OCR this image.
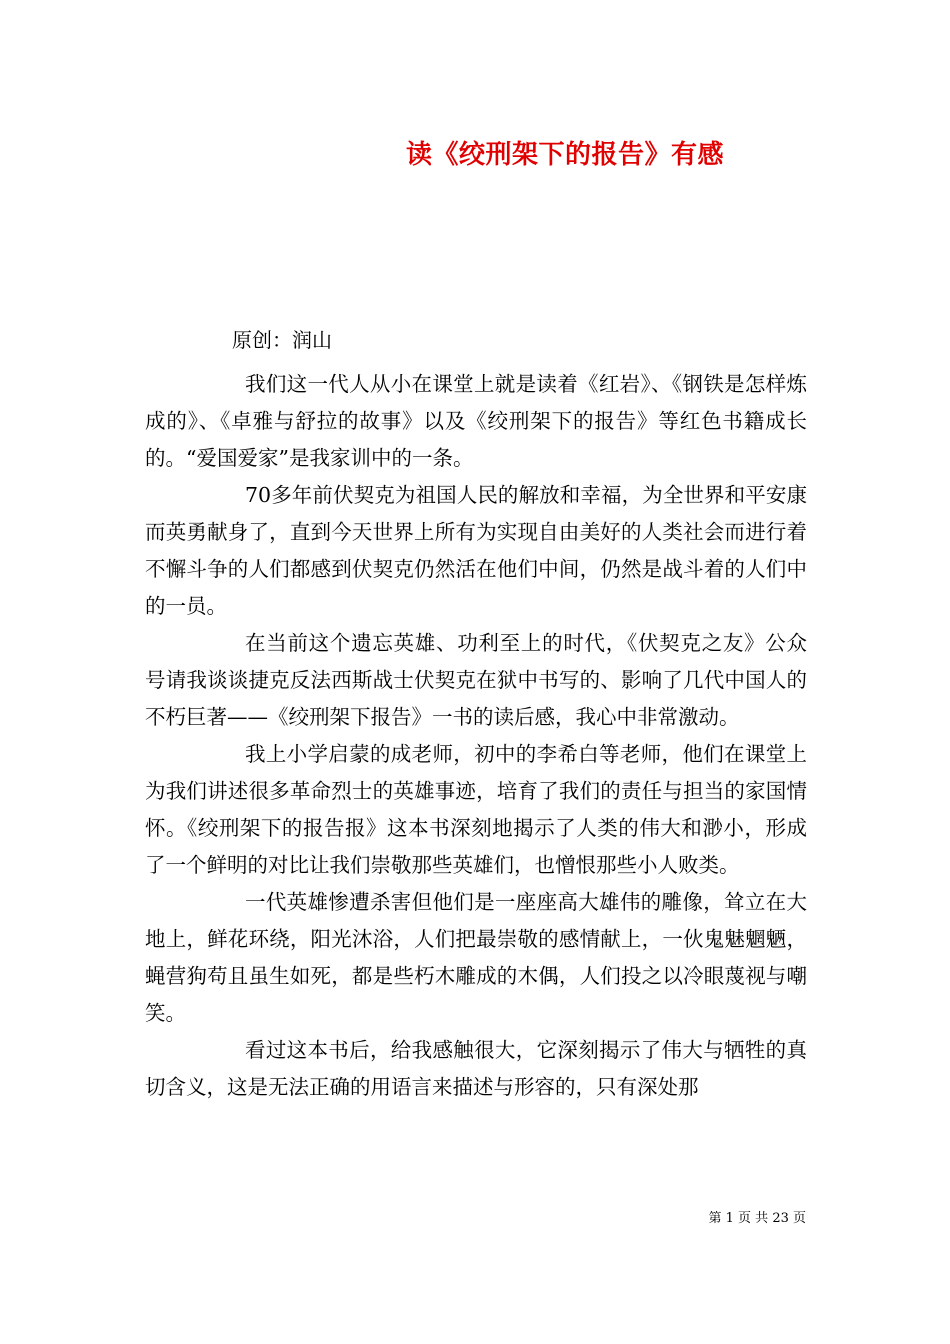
读《绞刑架下的报告》有感
原创：润山

我们这一代人从小在课堂上就是读着《红岩》、《钢铁是怎样炼成的》、《卓雅与舒拉的故事》以及《绞刑架下的报告》等红色书籍成长的。“爱国爱家”是我家训中的一条。

70多年前伏契克为祖国人民的解放和幸福，为全世界和平安康而英勇献身了，直到今天世界上所有为实现自由美好的人类社会而进行着不懈斗争的人们都感到伏契克仍然活在他们中间，仍然是战斗着的人们中的一员。

在当前这个遗忘英雄、功利至上的时代，《伏契克之友》公众号请我谈谈捷克反法西斯战士伏契克在狱中书写的、影响了几代中国人的不朽巨著——《绞刑架下报告》一书的读后感，我心中非常激动。

我上小学启蒙的成老师，初中的李希白等老师，他们在课堂上为我们讲述很多革命烈士的英雄事迹，培育了我们的责任与担当的家国情怀。《绞刑架下的报告报》这本书深刻地揭示了人类的伟大和渺小，形成了一个鲜明的对比让我们崇敬那些英雄们，也憎恨那些小人败类。

一代英雄惨遭杀害但他们是一座座高大雄伟的雕像，耸立在大地上，鲜花环绕，阳光沐浴，人们把最崇敬的感情献上，一伙鬼魅魍魉，蝇营狗苟且虽生如死，都是些朽木雕成的木偶，人们投之以冷眼蔑视与嘲笑。

看过这本书后，给我感触很大，它深刻揭示了伟大与牺牲的真切含义，这是无法正确的用语言来描述与形容的，只有深处那

第 1 页 共 23 页
